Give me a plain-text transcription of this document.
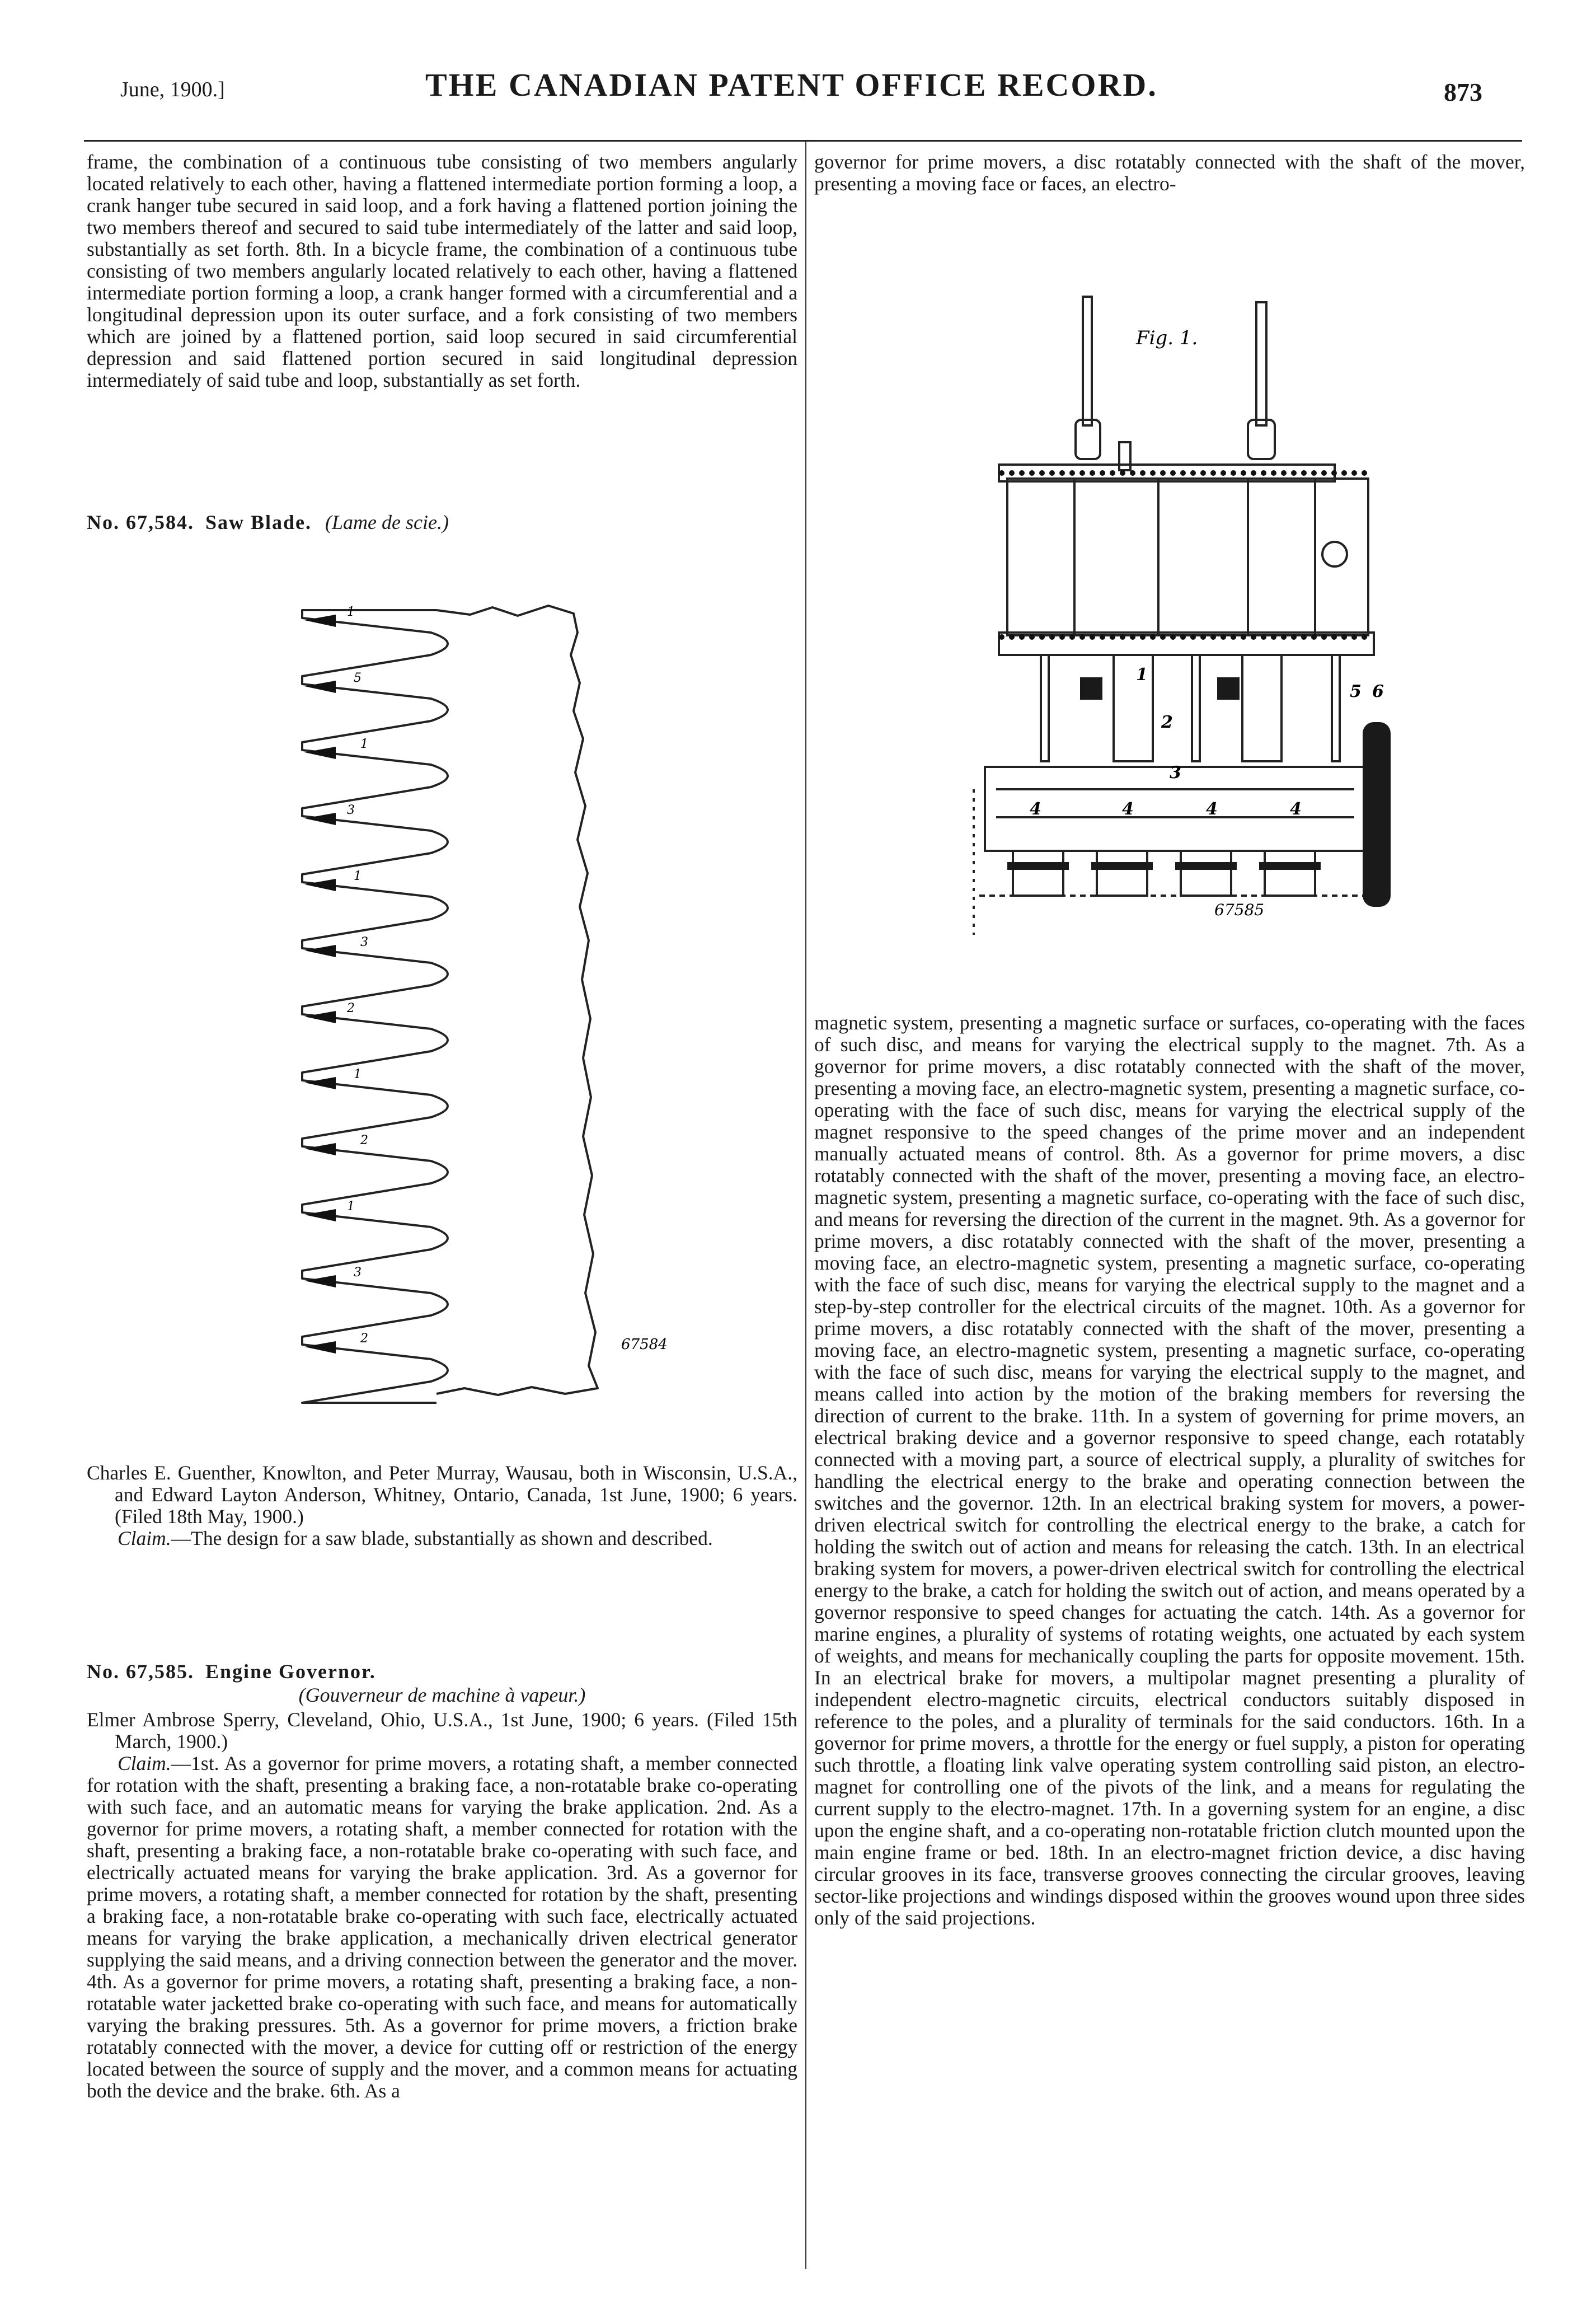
June, 1900.]	THE CANADIAN PATENT OFFICE RECORD.	873

frame, the combination of a continuous tube consisting of two members angularly located relatively to each other, having a flattened intermediate portion forming a loop, a crank hanger tube secured in said loop, and a fork having a flattened portion joining the two members thereof and secured to said tube intermediately of the latter and said loop, substantially as set forth. 8th. In a bicycle frame, the combination of a continuous tube consisting of two members angularly located relatively to each other, having a flattened intermediate portion forming a loop, a crank hanger formed with a circumferential and a longitudinal depression upon its outer surface, and a fork consisting of two members which are joined by a flattened portion, said loop secured in said circumferential depression and said flattened portion secured in said longitudinal depression intermediately of said tube and loop, substantially as set forth.

No. 67,584. Saw Blade. (Lame de scie.)
1
5
1
3
1
3
2
1
2
1
3
2	67584

Charles E. Guenther, Knowlton, and Peter Murray, Wausau, both in Wisconsin, U.S.A., and Edward Layton Anderson, Whitney, Ontario, Canada, 1st June, 1900; 6 years. (Filed 18th May, 1900.)

Claim.—The design for a saw blade, substantially as shown and described.

No. 67,585. Engine Governor.

(Gouverneur de machine à vapeur.)

Elmer Ambrose Sperry, Cleveland, Ohio, U.S.A., 1st June, 1900; 6 years. (Filed 15th March, 1900.)

Claim.—1st. As a governor for prime movers, a rotating shaft, a member connected for rotation with the shaft, presenting a braking face, a non-rotatable brake co-operating with such face, and an automatic means for varying the brake application. 2nd. As a governor for prime movers, a rotating shaft, a member connected for rotation with the shaft, presenting a braking face, a non-rotatable brake co-operating with such face, and electrically actuated means for varying the brake application. 3rd. As a governor for prime movers, a rotating shaft, a member connected for rotation by the shaft, presenting a braking face, a non-rotatable brake co-operating with such face, electrically actuated means for varying the brake application, a mechanically driven electrical generator supplying the said means, and a driving connection between the generator and the mover. 4th. As a governor for prime movers, a rotating shaft, presenting a braking face, a non-rotatable water jacketted brake co-operating with such face, and means for automatically varying the braking pressures. 5th. As a governor for prime movers, a friction brake rotatably connected with the mover, a device for cutting off or restriction of the energy located between the source of supply and the mover, and a common means for actuating both the device and the brake. 6th. As a

governor for prime movers, a disc rotatably connected with the shaft of the mover, presenting a moving face or faces, an electro-

Fig. 1.
67585
1
2
3
4	4	4	4
5 6

magnetic system, presenting a magnetic surface or surfaces, co-operating with the faces of such disc, and means for varying the electrical supply to the magnet. 7th. As a governor for prime movers, a disc rotatably connected with the shaft of the mover, presenting a moving face, an electro-magnetic system, presenting a magnetic surface, co-operating with the face of such disc, means for varying the electrical supply of the magnet responsive to the speed changes of the prime mover and an independent manually actuated means of control. 8th. As a governor for prime movers, a disc rotatably connected with the shaft of the mover, presenting a moving face, an electro-magnetic system, presenting a magnetic surface, co-operating with the face of such disc, and means for reversing the direction of the current in the magnet. 9th. As a governor for prime movers, a disc rotatably connected with the shaft of the mover, presenting a moving face, an electro-magnetic system, presenting a magnetic surface, co-operating with the face of such disc, means for varying the electrical supply to the magnet and a step-by-step controller for the electrical circuits of the magnet. 10th. As a governor for prime movers, a disc rotatably connected with the shaft of the mover, presenting a moving face, an electro-magnetic system, presenting a magnetic surface, co-operating with the face of such disc, means for varying the electrical supply to the magnet, and means called into action by the motion of the braking members for reversing the direction of current to the brake. 11th. In a system of governing for prime movers, an electrical braking device and a governor responsive to speed change, each rotatably connected with a moving part, a source of electrical supply, a plurality of switches for handling the electrical energy to the brake and operating connection between the switches and the governor. 12th. In an electrical braking system for movers, a power-driven electrical switch for controlling the electrical energy to the brake, a catch for holding the switch out of action and means for releasing the catch. 13th. In an electrical braking system for movers, a power-driven electrical switch for controlling the electrical energy to the brake, a catch for holding the switch out of action, and means operated by a governor responsive to speed changes for actuating the catch. 14th. As a governor for marine engines, a plurality of systems of rotating weights, one actuated by each system of weights, and means for mechanically coupling the parts for opposite movement. 15th. In an electrical brake for movers, a multipolar magnet presenting a plurality of independent electro-magnetic circuits, electrical conductors suitably disposed in reference to the poles, and a plurality of terminals for the said conductors. 16th. In a governor for prime movers, a throttle for the energy or fuel supply, a piston for operating such throttle, a floating link valve operating system controlling said piston, an electro-magnet for controlling one of the pivots of the link, and a means for regulating the current supply to the electro-magnet. 17th. In a governing system for an engine, a disc upon the engine shaft, and a co-operating non-rotatable friction clutch mounted upon the main engine frame or bed. 18th. In an electro-magnet friction device, a disc having circular grooves in its face, transverse grooves connecting the circular grooves, leaving sector-like projections and windings disposed within the grooves wound upon three sides only of the said projections.
